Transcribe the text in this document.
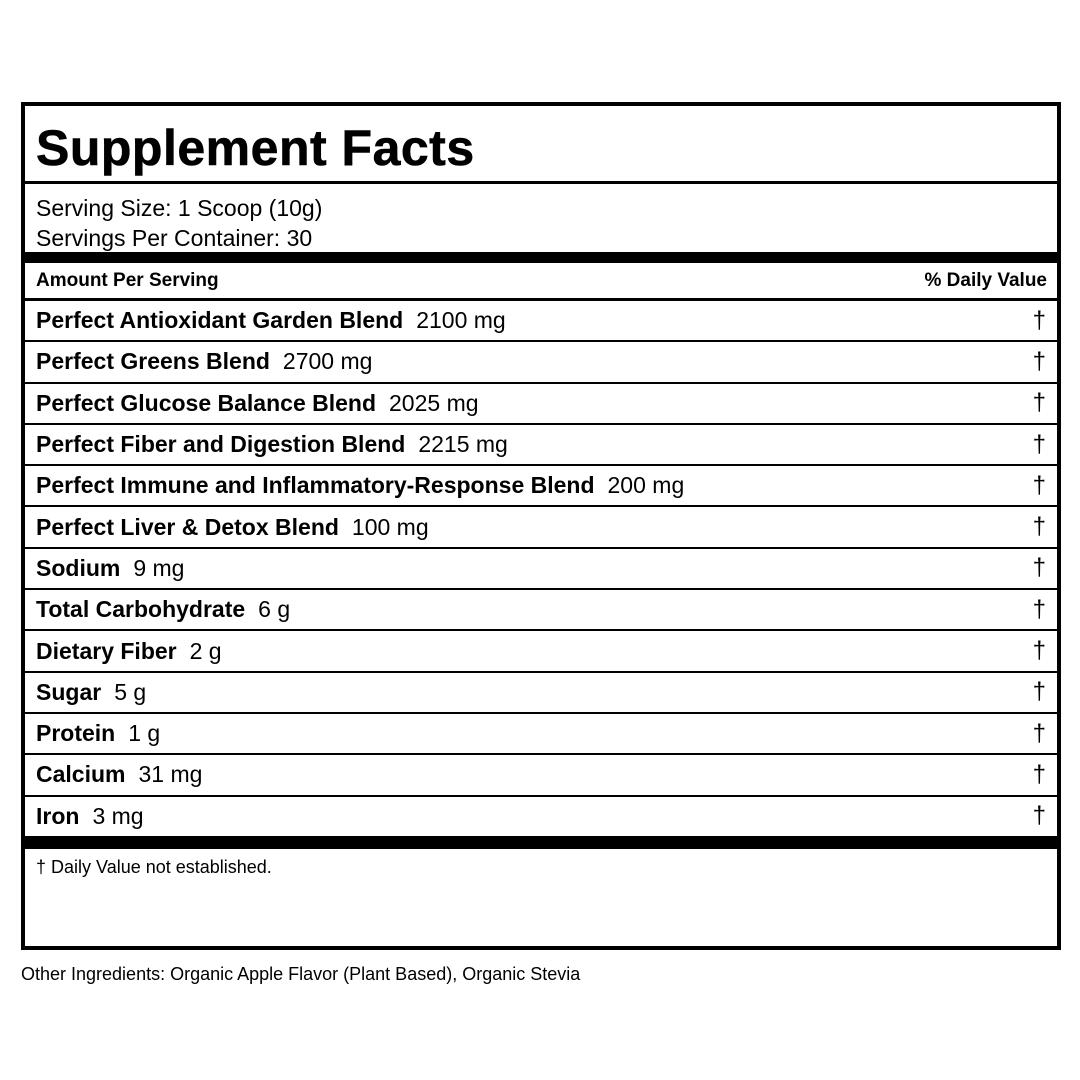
Supplement Facts
Serving Size: 1 Scoop (10g)
Servings Per Container: 30
Amount Per Serving	% Daily Value
Perfect Antioxidant Garden Blend 2100 mg	†
Perfect Greens Blend 2700 mg	†
Perfect Glucose Balance Blend 2025 mg	†
Perfect Fiber and Digestion Blend 2215 mg	†
Perfect Immune and Inflammatory-Response Blend 200 mg	†
Perfect Liver & Detox Blend 100 mg	†
Sodium 9 mg	†
Total Carbohydrate 6 g	†
Dietary Fiber 2 g	†
Sugar 5 g	†
Protein 1 g	†
Calcium 31 mg	†
Iron 3 mg	†
† Daily Value not established.
Other Ingredients: Organic Apple Flavor (Plant Based), Organic Stevia
